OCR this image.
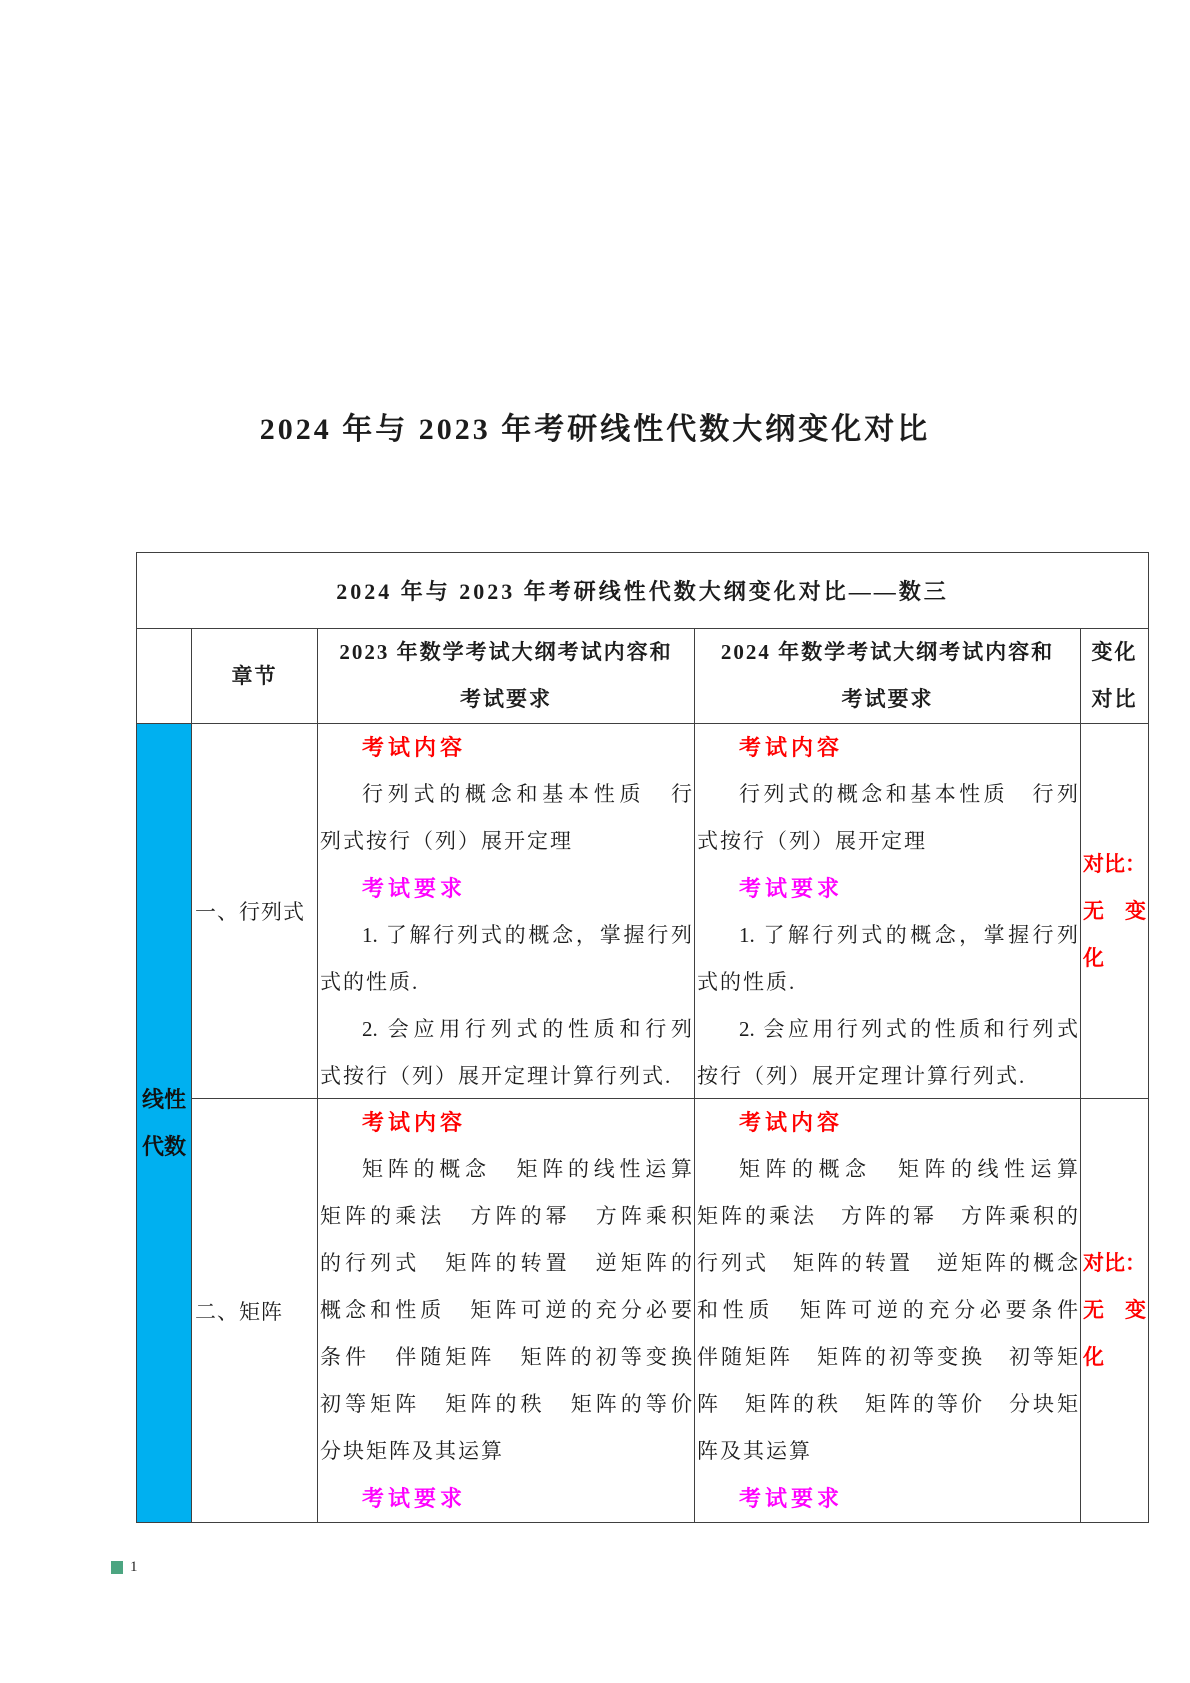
2024 年与 2023 年考研线性代数大纲变化对比
2024 年与 2023 年考研线性代数大纲变化对比——数三
章节
2023 年数学考试大纲考试内容和
考试要求
2024 年数学考试大纲考试内容和
考试要求
变化
对比
线性
代数
一、行列式
考试内容
行列式的概念和基本性质　行
列式按行（列）展开定理
考试要求
1. 了解行列式的概念，掌握行列
式的性质.
2. 会应用行列式的性质和行列
式按行（列）展开定理计算行列式.
考试内容
行列式的概念和基本性质　行列
式按行（列）展开定理
考试要求
1. 了解行列式的概念，掌握行列
式的性质.
2. 会应用行列式的性质和行列式
按行（列）展开定理计算行列式.
对比：
无　变
化
二、矩阵
考试内容
矩阵的概念　矩阵的线性运算
矩阵的乘法　方阵的幂　方阵乘积
的行列式　矩阵的转置　逆矩阵的
概念和性质　矩阵可逆的充分必要
条件　伴随矩阵　矩阵的初等变换
初等矩阵　矩阵的秩　矩阵的等价
分块矩阵及其运算
考试要求
考试内容
矩阵的概念　矩阵的线性运算
矩阵的乘法　方阵的幂　方阵乘积的
行列式　矩阵的转置　逆矩阵的概念
和性质　矩阵可逆的充分必要条件
伴随矩阵　矩阵的初等变换　初等矩
阵　矩阵的秩　矩阵的等价　分块矩
阵及其运算
考试要求
对比：
无　变
化
1
